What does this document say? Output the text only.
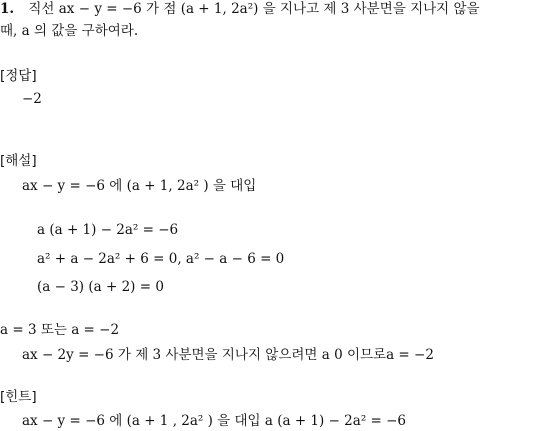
1. 직선 ax − y = −6 가 점 (a + 1, 2a²) 을 지나고 제 3 사분면을 지나지 않을
때, a 의 값을 구하여라.
[정답]
−2
[해설]
ax − y = −6 에 (a + 1, 2a² ) 을 대입
a (a + 1) − 2a² = −6
a² + a − 2a² + 6 = 0, a² − a − 6 = 0
(a − 3) (a + 2) = 0
a = 3 또는 a = −2
ax − 2y = −6 가 제 3 사분면을 지나지 않으려면 a 0 이므로a = −2
[힌트]
ax − y = −6 에 (a + 1 , 2a² ) 을 대입 a (a + 1) − 2a² = −6
